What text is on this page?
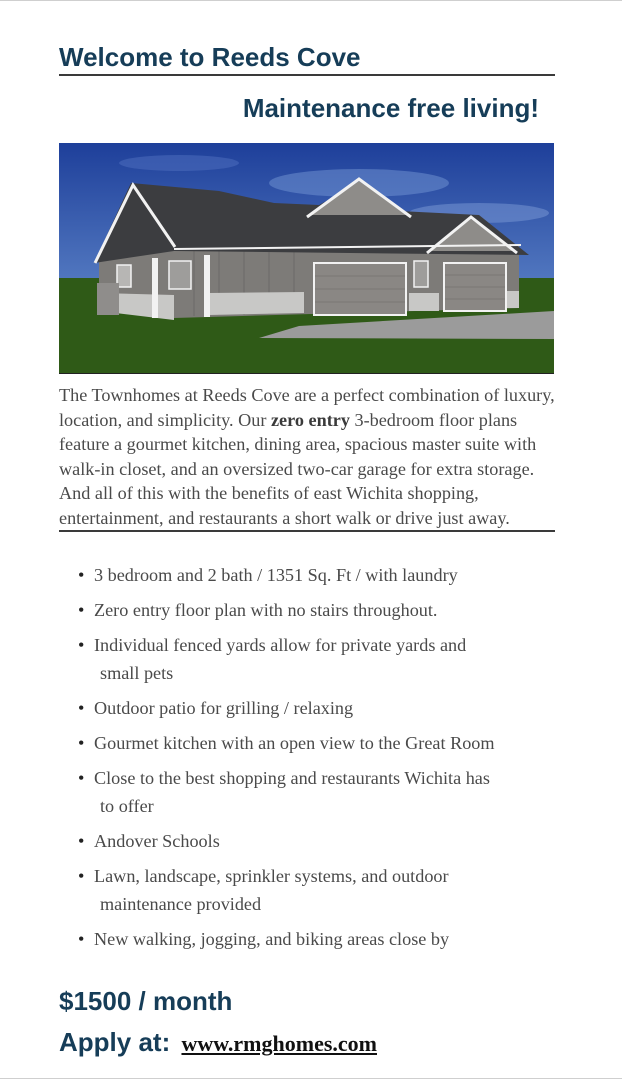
Welcome to Reeds Cove
Maintenance free living!
The Townhomes at Reeds Cove are a perfect combination of luxury, location, and simplicity. Our zero entry 3-bedroom floor plans feature a gourmet kitchen, dining area, spacious master suite with walk-in closet, and an oversized two-car garage for extra storage. And all of this with the benefits of east Wichita shopping, entertainment, and restaurants a short walk or drive just away.
• 3 bedroom and 2 bath / 1351 Sq. Ft / with laundry
• Zero entry floor plan with no stairs throughout.
• Individual fenced yards allow for private yards and
small pets
• Outdoor patio for grilling / relaxing
• Gourmet kitchen with an open view to the Great Room
• Close to the best shopping and restaurants Wichita has
to offer
• Andover Schools
• Lawn, landscape, sprinkler systems, and outdoor
maintenance provided
• New walking, jogging, and biking areas close by
$1500 / month
Apply at: www.rmghomes.com
